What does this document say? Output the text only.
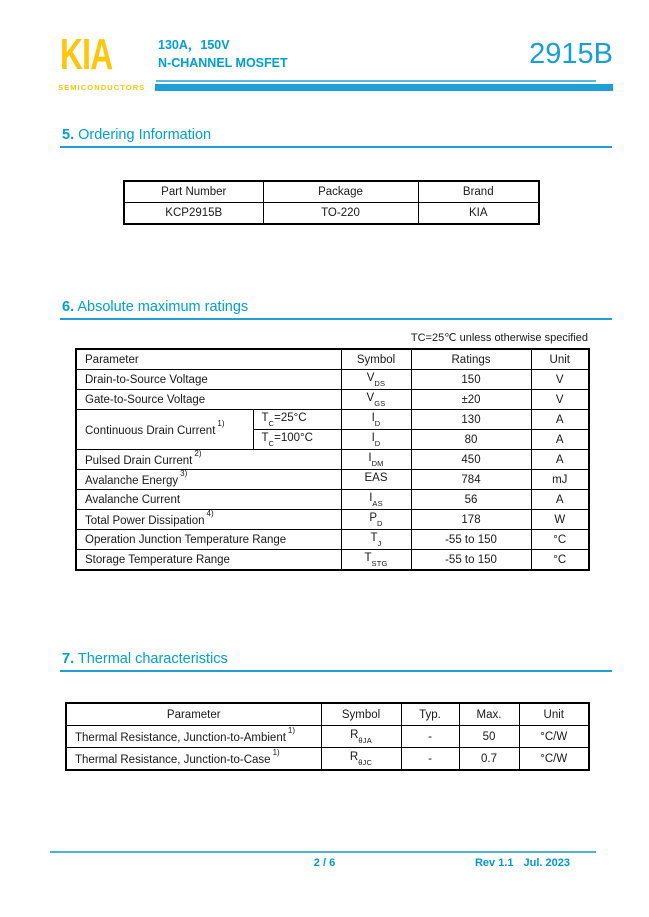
KIA
SEMICONDUCTORS
130A，150V
N-CHANNEL MOSFET	2915B
5. Ordering Information
Part Number	Package	Brand
KCP2915B	TO-220	KIA
6. Absolute maximum ratings
TC=25℃ unless otherwise specified
Parameter		Symbol	Ratings	Unit
Drain-to-Source Voltage		$V_{DS}$	150	V
Gate-to-Source Voltage		$V_{GS}$	±20	V
Continuous Drain Current$^{1)}$	$T_C=25^\circ C$	$I_D$	130	A
	$T_C=100^\circ C$	$I_D$	80	A
Pulsed Drain Current$^{2)}$		$I_{DM}$	450	A
Avalanche Energy$^{3)}$		EAS	784	mJ
Avalanche Current		$I_{AS}$	56	A
Total Power Dissipation$^{4)}$		$P_D$	178	W
Operation Junction Temperature Range		$T_J$	-55 to 150	°C
Storage Temperature Range		$T_{STG}$	-55 to 150	°C
7. Thermal characteristics
Parameter	Symbol	Typ.	Max.	Unit
Thermal Resistance, Junction-to-Ambient$^{1)}$	$R_{\theta JA}$	-	50	°C/W
Thermal Resistance, Junction-to-Case$^{1)}$	$R_{\theta JC}$	-	0.7	°C/W
2 / 6	Rev 1.1 Jul. 2023
